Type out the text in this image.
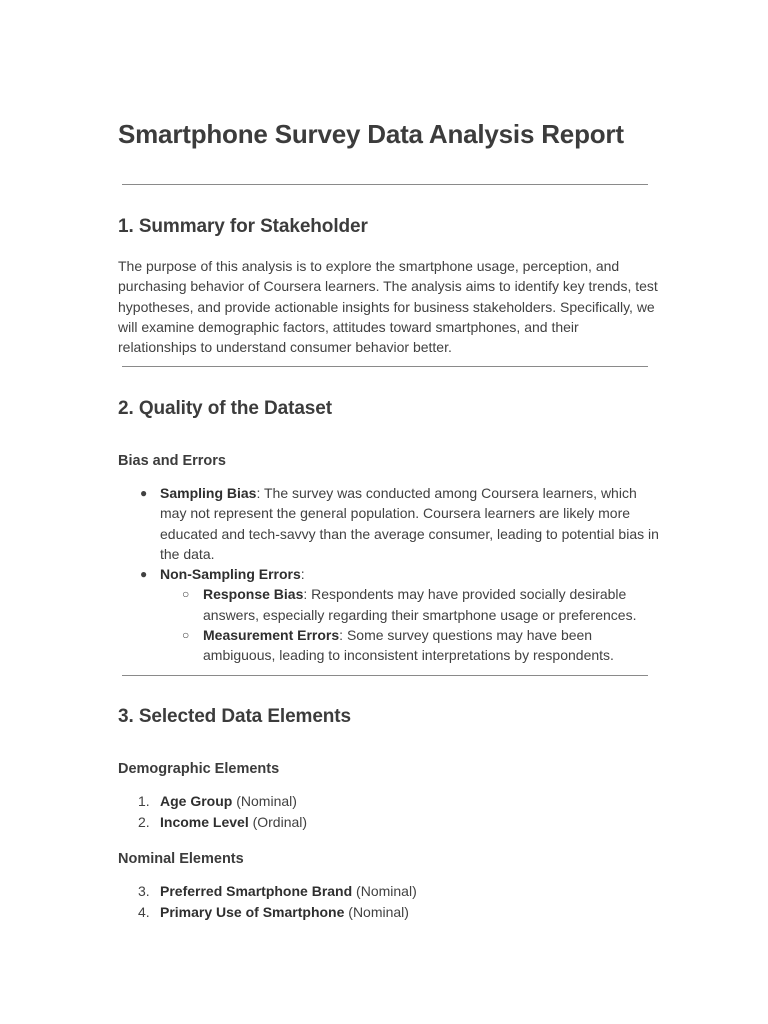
Smartphone Survey Data Analysis Report
1. Summary for Stakeholder

The purpose of this analysis is to explore the smartphone usage, perception, and purchasing behavior of Coursera learners. The analysis aims to identify key trends, test hypotheses, and provide actionable insights for business stakeholders. Specifically, we will examine demographic factors, attitudes toward smartphones, and their relationships to understand consumer behavior better.

2. Quality of the Dataset
Bias and Errors
● Sampling Bias: The survey was conducted among Coursera learners, which may not represent the general population. Coursera learners are likely more educated and tech-savvy than the average consumer, leading to potential bias in the data.
● Non-Sampling Errors:
○ Response Bias: Respondents may have provided socially desirable answers, especially regarding their smartphone usage or preferences.
○ Measurement Errors: Some survey questions may have been ambiguous, leading to inconsistent interpretations by respondents.
3. Selected Data Elements
Demographic Elements
1. Age Group (Nominal)
2. Income Level (Ordinal)
Nominal Elements
3. Preferred Smartphone Brand (Nominal)
4. Primary Use of Smartphone (Nominal)
